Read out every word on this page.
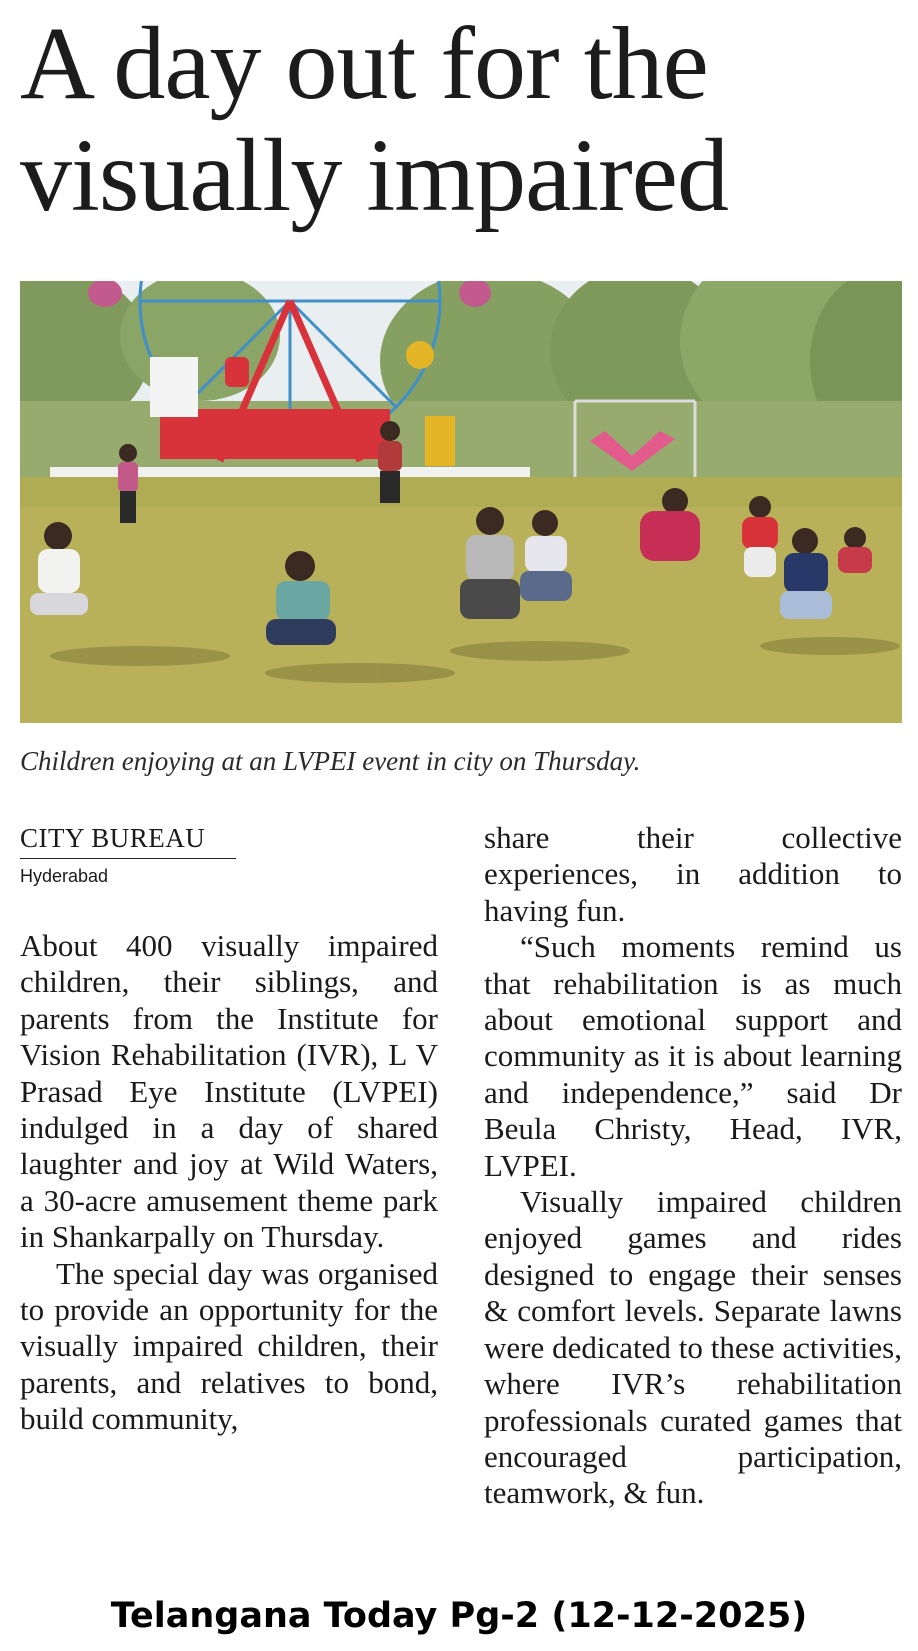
A day out for the visually impaired
Children enjoying at an LVPEI event in city on Thursday.
CITY BUREAU
Hyderabad

About 400 visually impaired children, their siblings, and parents from the Institute for Vision Rehabilitation (IVR), L V Prasad Eye Institute (LVPEI) indulged in a day of shared laughter and joy at Wild Waters, a 30-acre amusement theme park in Shankarpally on Thursday.

The special day was organised to provide an opportunity for the visually impaired children, their parents, and relatives to bond, build community,

share their collective experiences, in addition to having fun.

“Such moments remind us that rehabilitation is as much about emotional support and community as it is about learning and independence,” said Dr Beula Christy, Head, IVR, LVPEI.

Visually impaired children enjoyed games and rides designed to engage their senses & comfort levels. Separate lawns were dedicated to these activities, where IVR’s rehabilitation professionals curated games that encouraged participation, teamwork, & fun.

Telangana Today Pg-2 (12-12-2025)
